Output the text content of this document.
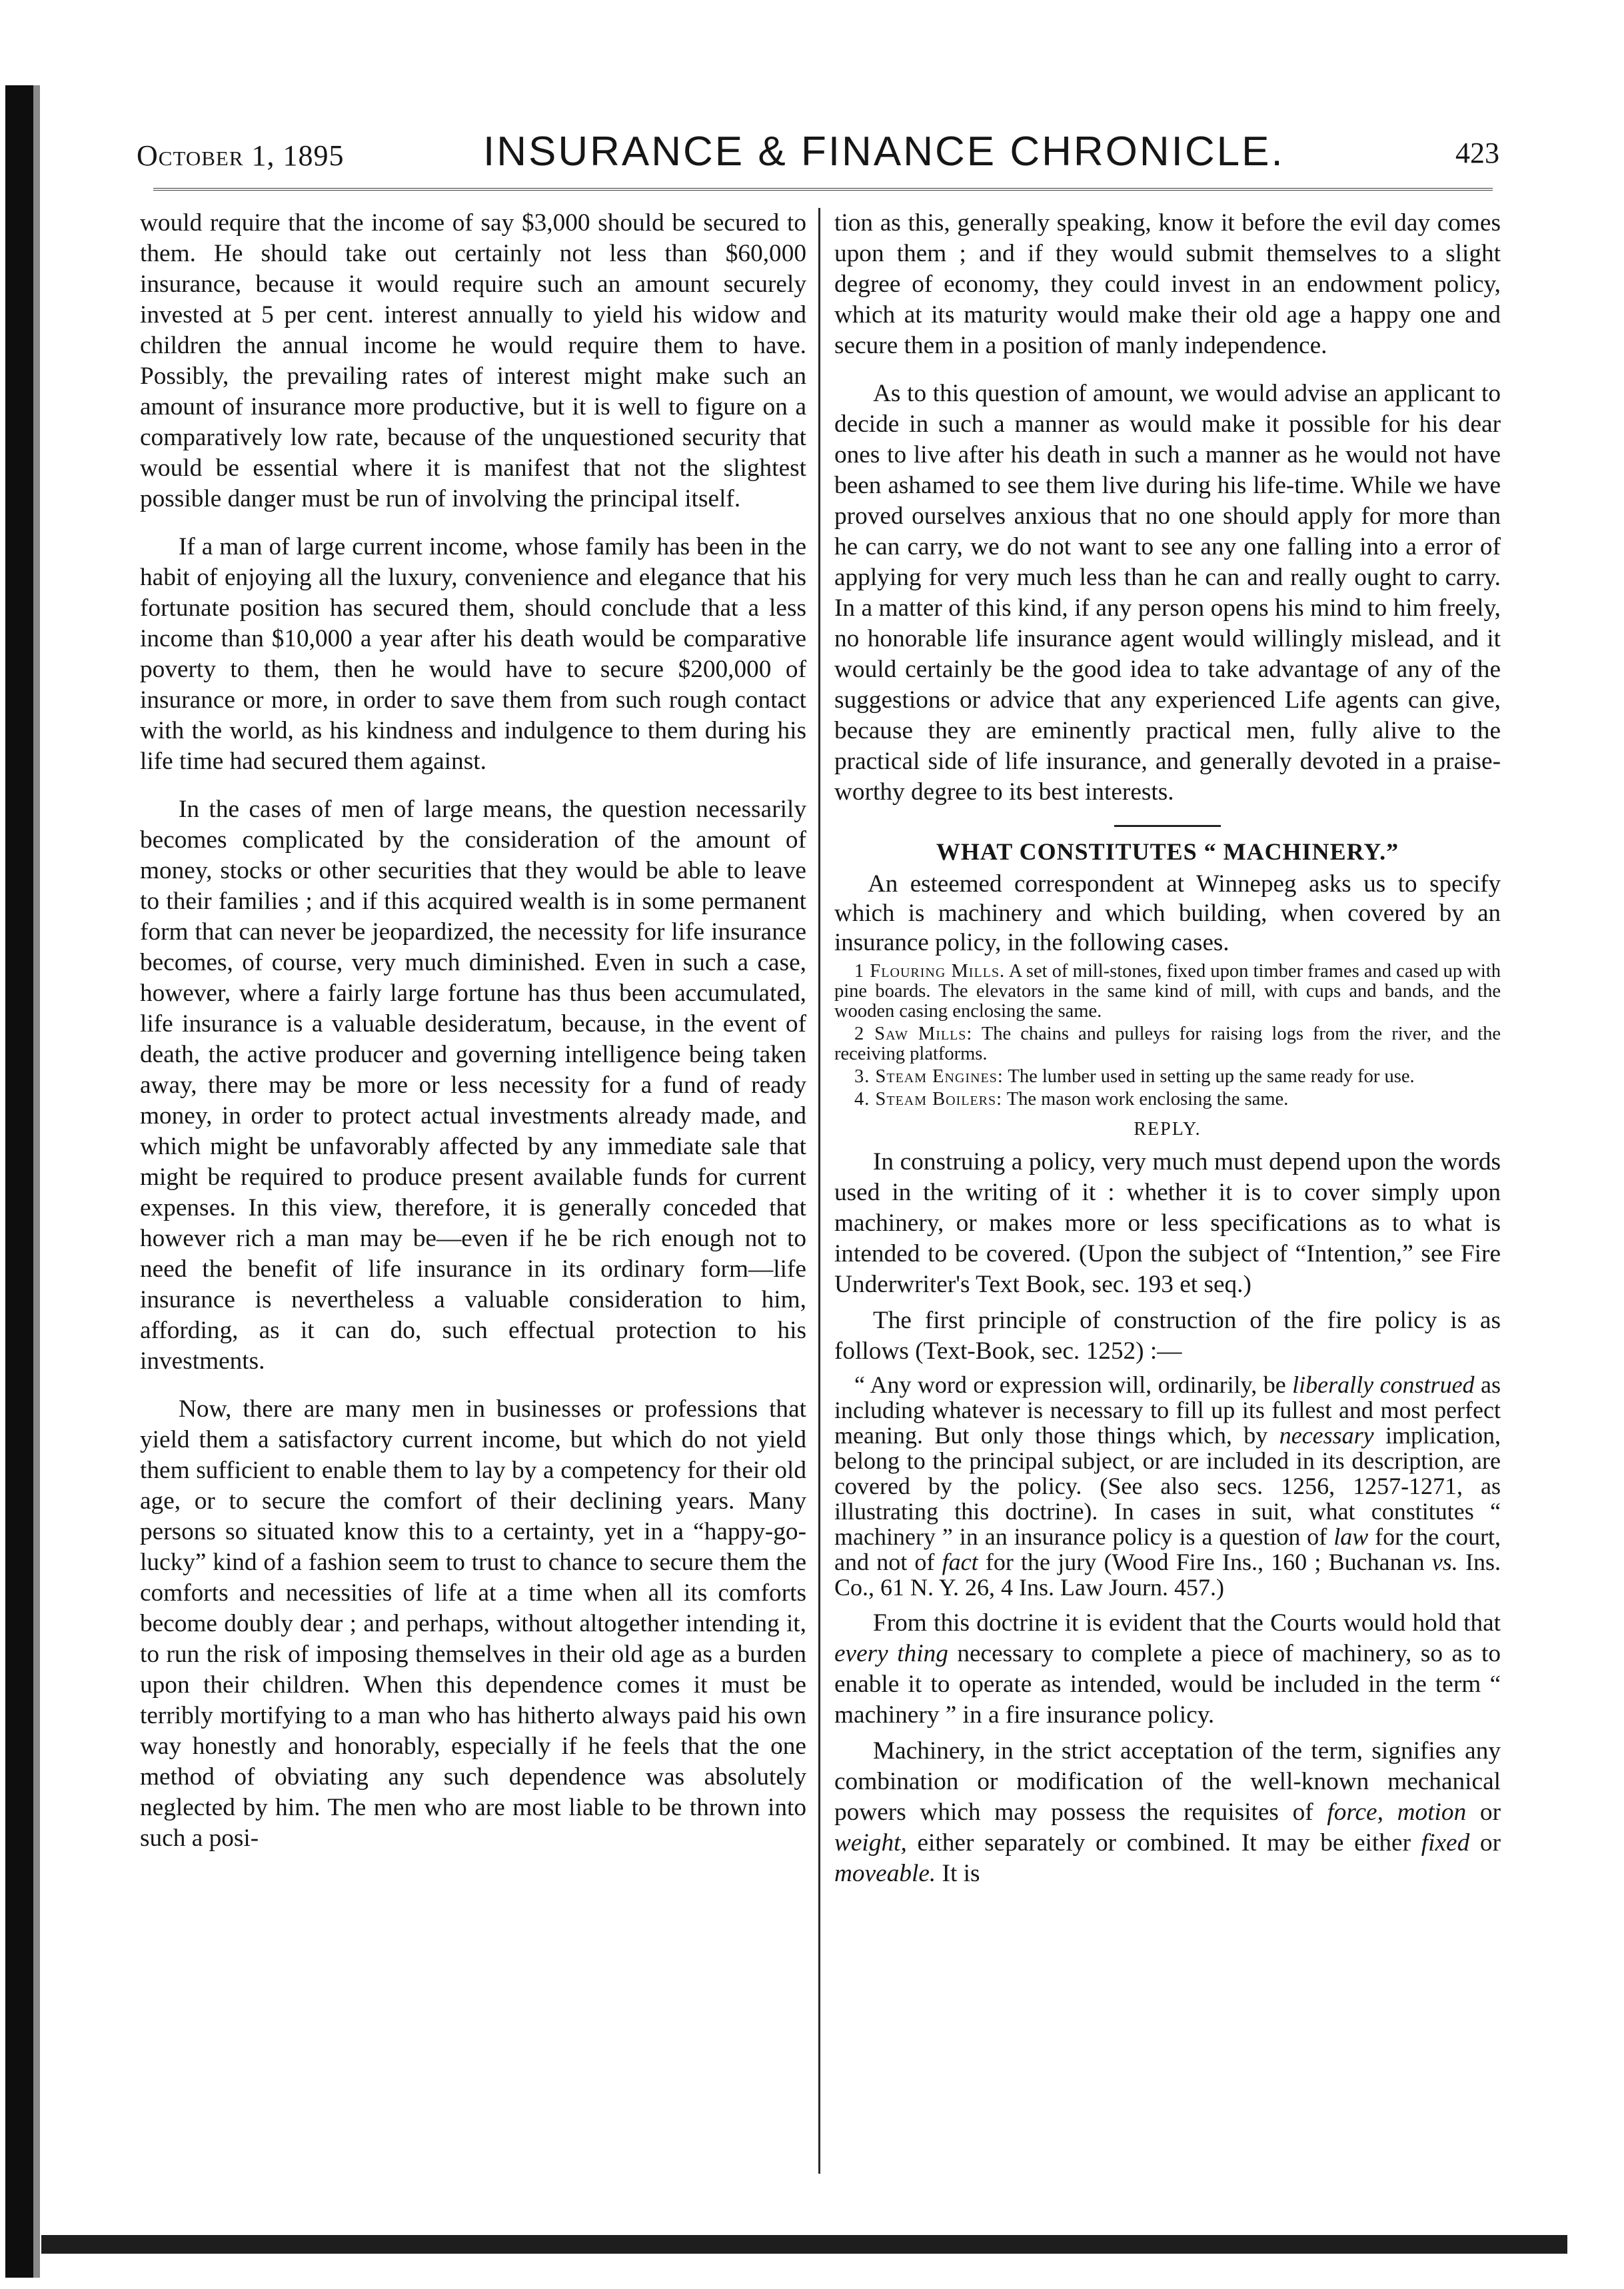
October 1, 1895	INSURANCE & FINANCE CHRONICLE.	423

would require that the income of say $3,000 should be secured to them. He should take out certainly not less than $60,000 insurance, because it would require such an amount securely invested at 5 per cent. interest annually to yield his widow and children the annual income he would require them to have. Possibly, the prevailing rates of interest might make such an amount of insurance more productive, but it is well to figure on a comparatively low rate, because of the unquestioned security that would be essential where it is manifest that not the slightest possible danger must be run of involving the principal itself.

If a man of large current income, whose family has been in the habit of enjoying all the luxury, convenience and elegance that his fortunate position has secured them, should conclude that a less income than $10,000 a year after his death would be comparative poverty to them, then he would have to secure $200,000 of insurance or more, in order to save them from such rough contact with the world, as his kindness and indulgence to them during his life time had secured them against.

In the cases of men of large means, the question necessarily becomes complicated by the consideration of the amount of money, stocks or other securities that they would be able to leave to their families ; and if this acquired wealth is in some permanent form that can never be jeopardized, the necessity for life insurance becomes, of course, very much diminished. Even in such a case, however, where a fairly large fortune has thus been accumulated, life insurance is a valuable desideratum, because, in the event of death, the active producer and governing intelligence being taken away, there may be more or less necessity for a fund of ready money, in order to protect actual investments already made, and which might be unfavorably affected by any immediate sale that might be required to produce present available funds for current expenses. In this view, therefore, it is generally conceded that however rich a man may be—even if he be rich enough not to need the benefit of life insurance in its ordinary form—life insurance is nevertheless a valuable consideration to him, affording, as it can do, such effectual protection to his investments.

Now, there are many men in businesses or professions that yield them a satisfactory current income, but which do not yield them sufficient to enable them to lay by a competency for their old age, or to secure the comfort of their declining years. Many persons so situated know this to a certainty, yet in a “happy-go-lucky” kind of a fashion seem to trust to chance to secure them the comforts and necessities of life at a time when all its comforts become doubly dear ; and perhaps, without altogether intending it, to run the risk of imposing themselves in their old age as a burden upon their children. When this dependence comes it must be terribly mortifying to a man who has hitherto always paid his own way honestly and honorably, especially if he feels that the one method of obviating any such dependence was absolutely neglected by him. The men who are most liable to be thrown into such a posi-

tion as this, generally speaking, know it before the evil day comes upon them ; and if they would submit themselves to a slight degree of economy, they could invest in an endowment policy, which at its maturity would make their old age a happy one and secure them in a position of manly independence.

As to this question of amount, we would advise an applicant to decide in such a manner as would make it possible for his dear ones to live after his death in such a manner as he would not have been ashamed to see them live during his life-time. While we have proved ourselves anxious that no one should apply for more than he can carry, we do not want to see any one falling into a error of applying for very much less than he can and really ought to carry. In a matter of this kind, if any person opens his mind to him freely, no honorable life insurance agent would willingly mislead, and it would certainly be the good idea to take advantage of any of the suggestions or advice that any experienced Life agents can give, because they are eminently practical men, fully alive to the practical side of life insurance, and generally devoted in a praise-worthy degree to its best interests.

WHAT CONSTITUTES “ MACHINERY.”

An esteemed correspondent at Winnepeg asks us to specify which is machinery and which building, when covered by an insurance policy, in the following cases.

1 Flouring Mills. A set of mill-stones, fixed upon timber frames and cased up with pine boards. The elevators in the same kind of mill, with cups and bands, and the wooden casing enclosing the same.

2 Saw Mills: The chains and pulleys for raising logs from the river, and the receiving platforms.

3. Steam Engines: The lumber used in setting up the same ready for use.

4. Steam Boilers: The mason work enclosing the same.

REPLY.

In construing a policy, very much must depend upon the words used in the writing of it : whether it is to cover simply upon machinery, or makes more or less specifications as to what is intended to be covered. (Upon the subject of “Intention,” see Fire Underwriter's Text Book, sec. 193 et seq.)

The first principle of construction of the fire policy is as follows (Text-Book, sec. 1252) :—

“ Any word or expression will, ordinarily, be liberally construed as including whatever is necessary to fill up its fullest and most perfect meaning. But only those things which, by necessary implication, belong to the principal subject, or are included in its description, are covered by the policy. (See also secs. 1256, 1257-1271, as illustrating this doctrine). In cases in suit, what constitutes “ machinery ” in an insurance policy is a question of law for the court, and not of fact for the jury (Wood Fire Ins., 160 ; Buchanan vs. Ins. Co., 61 N. Y. 26, 4 Ins. Law Journ. 457.)

From this doctrine it is evident that the Courts would hold that every thing necessary to complete a piece of machinery, so as to enable it to operate as intended, would be included in the term “ machinery ” in a fire insurance policy.

Machinery, in the strict acceptation of the term, signifies any combination or modification of the well-known mechanical powers which may possess the requisites of force, motion or weight, either separately or combined. It may be either fixed or moveable. It is
